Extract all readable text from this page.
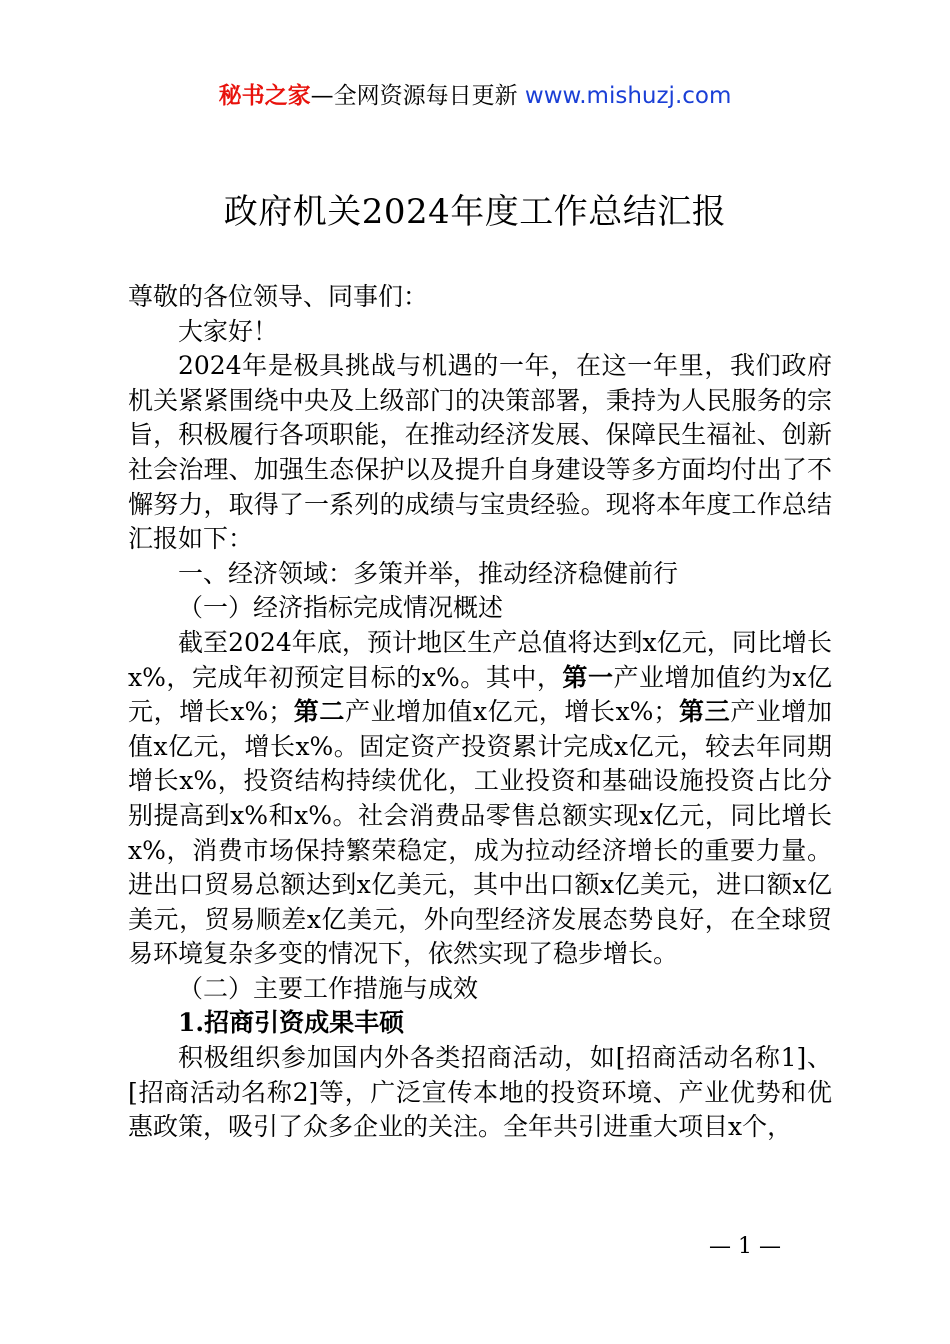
秘书之家—全网资源每日更新 www.mishuzj.com
政府机关2024年度工作总结汇报

尊敬的各位领导、同事们：

大家好！

2024年是极具挑战与机遇的一年，在这一年里，我们政府机关紧紧围绕中央及上级部门的决策部署，秉持为人民服务的宗旨，积极履行各项职能，在推动经济发展、保障民生福祉、创新社会治理、加强生态保护以及提升自身建设等多方面均付出了不懈努力，取得了一系列的成绩与宝贵经验。现将本年度工作总结汇报如下：

一、经济领域：多策并举，推动经济稳健前行

（一）经济指标完成情况概述

截至2024年底，预计地区生产总值将达到x亿元，同比增长x%，完成年初预定目标的x%。其中，第一产业增加值约为x亿元，增长x%；第二产业增加值x亿元，增长x%；第三产业增加值x亿元，增长x%。固定资产投资累计完成x亿元，较去年同期增长x%，投资结构持续优化，工业投资和基础设施投资占比分别提高到x%和x%。社会消费品零售总额实现x亿元，同比增长x%，消费市场保持繁荣稳定，成为拉动经济增长的重要力量。进出口贸易总额达到x亿美元，其中出口额x亿美元，进口额x亿美元，贸易顺差x亿美元，外向型经济发展态势良好，在全球贸易环境复杂多变的情况下，依然实现了稳步增长。

（二）主要工作措施与成效

1.招商引资成果丰硕

积极组织参加国内外各类招商活动，如[招商活动名称1]、[招商活动名称2]等，广泛宣传本地的投资环境、产业优势和优惠政策，吸引了众多企业的关注。全年共引进重大项目x个，

— 1 —
